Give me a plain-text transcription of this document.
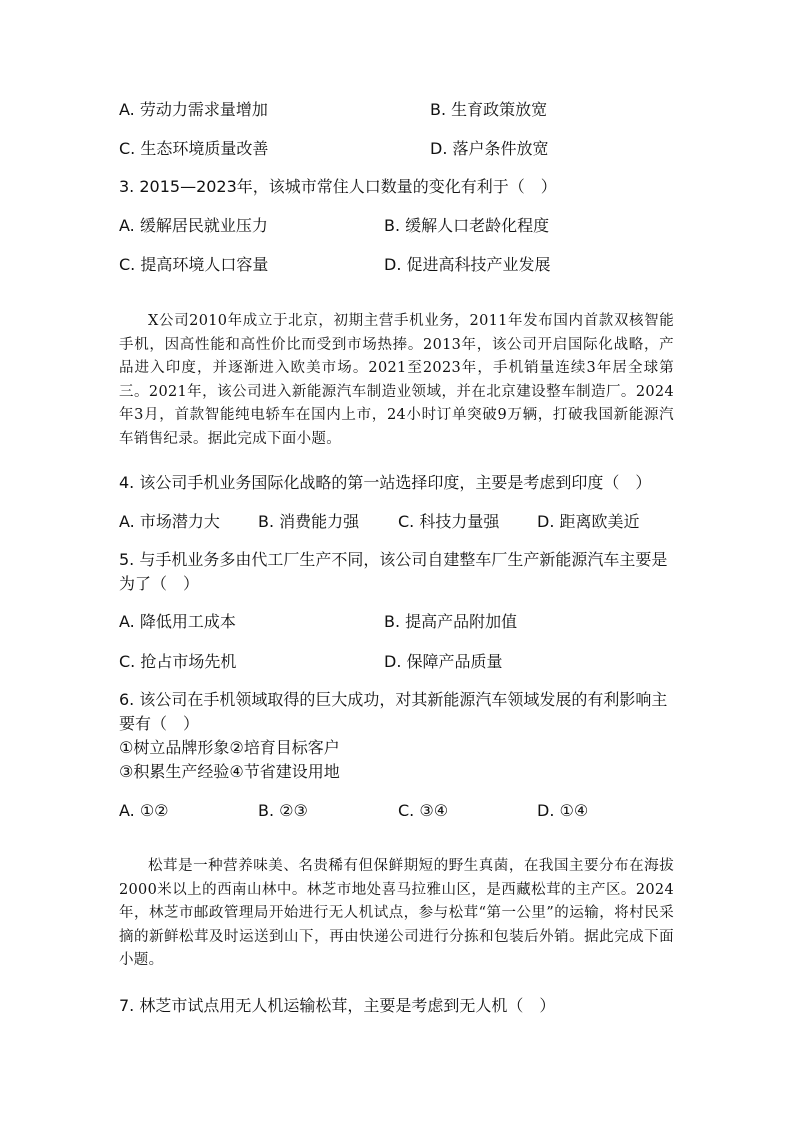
A. 劳动力需求量增加	B. 生育政策放宽
C. 生态环境质量改善	D. 落户条件放宽
3. 2015—2023年，该城市常住人口数量的变化有利于（　）
A. 缓解居民就业压力	B. 缓解人口老龄化程度
C. 提高环境人口容量	D. 促进高科技产业发展
X公司2010年成立于北京，初期主营手机业务，2011年发布国内首款双核智能手机，因高性能和高性价比而受到市场热捧。2013年，该公司开启国际化战略，产品进入印度，并逐渐进入欧美市场。2021至2023年，手机销量连续3年居全球第三。2021年，该公司进入新能源汽车制造业领域，并在北京建设整车制造厂。2024年3月，首款智能纯电轿车在国内上市，24小时订单突破9万辆，打破我国新能源汽车销售纪录。据此完成下面小题。
4. 该公司手机业务国际化战略的第一站选择印度，主要是考虑到印度（　）
A. 市场潜力大 B. 消费能力强 C. 科技力量强 D. 距离欧美近
5. 与手机业务多由代工厂生产不同，该公司自建整车厂生产新能源汽车主要是为了（　）
A. 降低用工成本	B. 提高产品附加值
C. 抢占市场先机	D. 保障产品质量
6. 该公司在手机领域取得的巨大成功，对其新能源汽车领域发展的有利影响主要有（　）
①树立品牌形象②培育目标客户
③积累生产经验④节省建设用地
A. ①②	B. ②③	C. ③④	D. ①④
松茸是一种营养味美、名贵稀有但保鲜期短的野生真菌，在我国主要分布在海拔2000米以上的西南山林中。林芝市地处喜马拉雅山区，是西藏松茸的主产区。2024年，林芝市邮政管理局开始进行无人机试点，参与松茸“第一公里”的运输，将村民采摘的新鲜松茸及时运送到山下，再由快递公司进行分拣和包装后外销。据此完成下面小题。
7. 林芝市试点用无人机运输松茸，主要是考虑到无人机（　）
